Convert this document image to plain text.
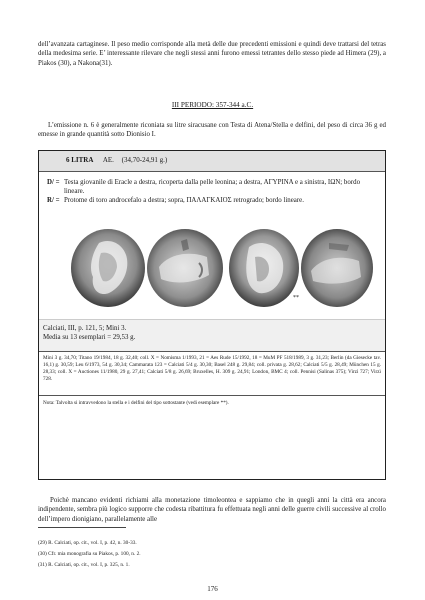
dell’avanzata cartaginese. Il peso medio corrisponde alla metà delle due precedenti emissioni e quindi deve trattarsi del tetras della medesima serie. E’ interessante rilevare che negli stessi anni furono emessi tetrantes dello stesso piede ad Himera (29), a Piakos (30), a Nakona(31).

III PERIODO: 357-344 a.C.

L’emissione n. 6 è generalmente riconiata su litre siracusane con Testa di Atena/Stella e delfini, del peso di circa 36 g ed emesse in grande quantità sotto Dionisio I.

6 LITRA AE. (34,70-24,91 g.)
D/ = Testa giovanile di Eracle a destra, ricoperta dalla pelle leonina; a destra, ΑΓΥΡΙΝΑ e a sinistra, ΙΩΝ; bordo lineare.
R/ = Protome di toro androcefalo a destra; sopra, ΠΑΛΑΓΚΑΙΟΣ retrogrado; bordo lineare.
**
Calciati, III, p. 121, 5; Mini 3.
Media su 13 esemplari = 29,53 g.

Mini 3 g. 34,70; Titano 19/1984, 18 g. 32,40; coll. X = Nomisma 1/1993, 21 = Aes Rude 15/1992, 18 = MuM PF 518/1989, 3 g. 31,23; Berlin (da Giesecke tav. 16,1) g. 30,59; Leu 6/1973, 54 g. 30,34; Cammarata 123 = Calciati 5/4 g. 30,30; Basel 248 g. 29,84; coll. privata g. 28,62; Calciati 5/5 g. 28,49; München 15 g. 28,33; coll. X = Auctiones 11/1980, 29 g. 27,41; Calciati 5/8 g. 26,69; Bruxelles, H. 309 g. 24,91; London, BMC 4; coll. Pennisi (Salinas 375); Virzì 727; Virzì 728.

Nota: Talvolta si intravvedono la stella e i delfini del tipo sottostante (vedi esemplare **).

Poichè mancano evidenti richiami alla monetazione timoleontea e sappiamo che in quegli anni la città era ancora indipendente, sembra più logico supporre che codesta ribattitura fu effettuata negli anni delle guerre civili successive al crollo dell’impero dionigiano, parallelamente alle

(29) R. Calciati, op. cit., vol. I, p. 42, n. 30-33.

(30) Cfr. mia monografia su Piakos, p. 100, n. 2.

(31) R. Calciati, op. cit., vol. I, p. 325, n. 1.

176
